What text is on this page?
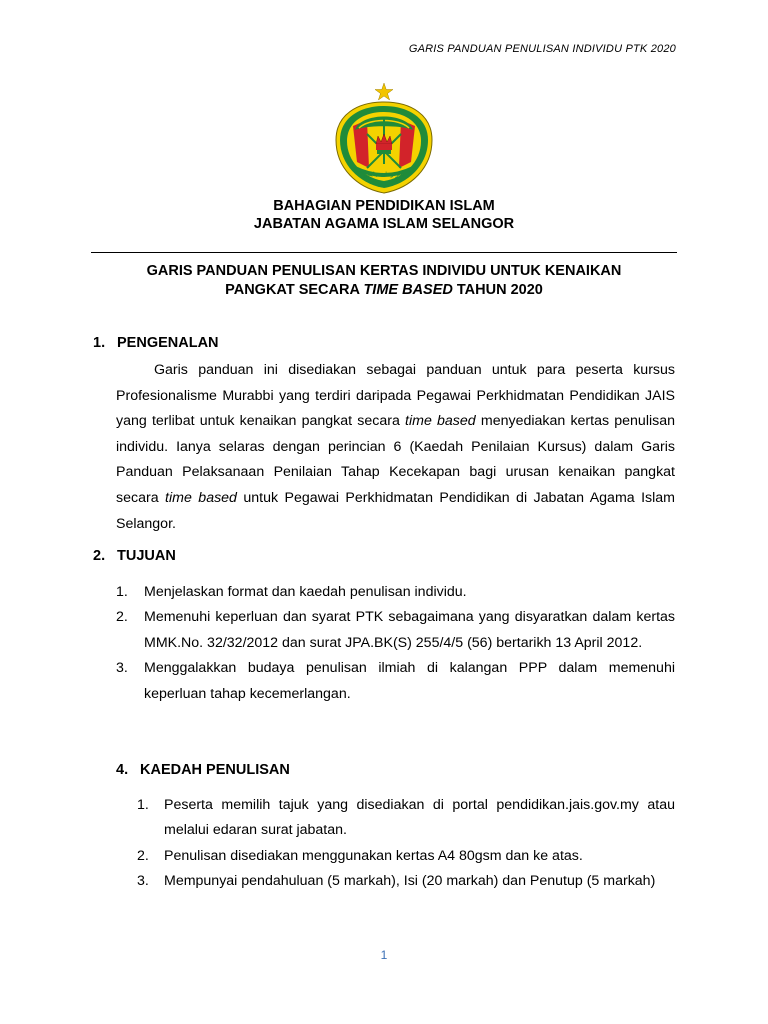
GARIS PANDUAN PENULISAN INDIVIDU PTK 2020
بحرِ رعاية جايس
BAHAGIAN PENDIDIKAN ISLAM
JABATAN AGAMA ISLAM SELANGOR
GARIS PANDUAN PENULISAN KERTAS INDIVIDU UNTUK KENAIKAN
PANGKAT SECARA TIME BASED TAHUN 2020
1. PENGENALAN
Garis panduan ini disediakan sebagai panduan untuk para peserta kursus Profesionalisme Murabbi yang terdiri daripada Pegawai Perkhidmatan Pendidikan JAIS yang terlibat untuk kenaikan pangkat secara time based menyediakan kertas penulisan individu. Ianya selaras dengan perincian 6 (Kaedah Penilaian Kursus) dalam Garis Panduan Pelaksanaan Penilaian Tahap Kecekapan bagi urusan kenaikan pangkat secara time based untuk Pegawai Perkhidmatan Pendidikan di Jabatan Agama Islam Selangor.
2. TUJUAN
1. Menjelaskan format dan kaedah penulisan individu.
2. Memenuhi keperluan dan syarat PTK sebagaimana yang disyaratkan dalam kertas MMK.No. 32/32/2012 dan surat JPA.BK(S) 255/4/5 (56) bertarikh 13 April 2012.
3. Menggalakkan budaya penulisan ilmiah di kalangan PPP dalam memenuhi keperluan tahap kecemerlangan.
4. KAEDAH PENULISAN
1. Peserta memilih tajuk yang disediakan di portal pendidikan.jais.gov.my atau melalui edaran surat jabatan.
2. Penulisan disediakan menggunakan kertas A4 80gsm dan ke atas.
3. Mempunyai pendahuluan (5 markah), Isi (20 markah) dan Penutup (5 markah)
1
